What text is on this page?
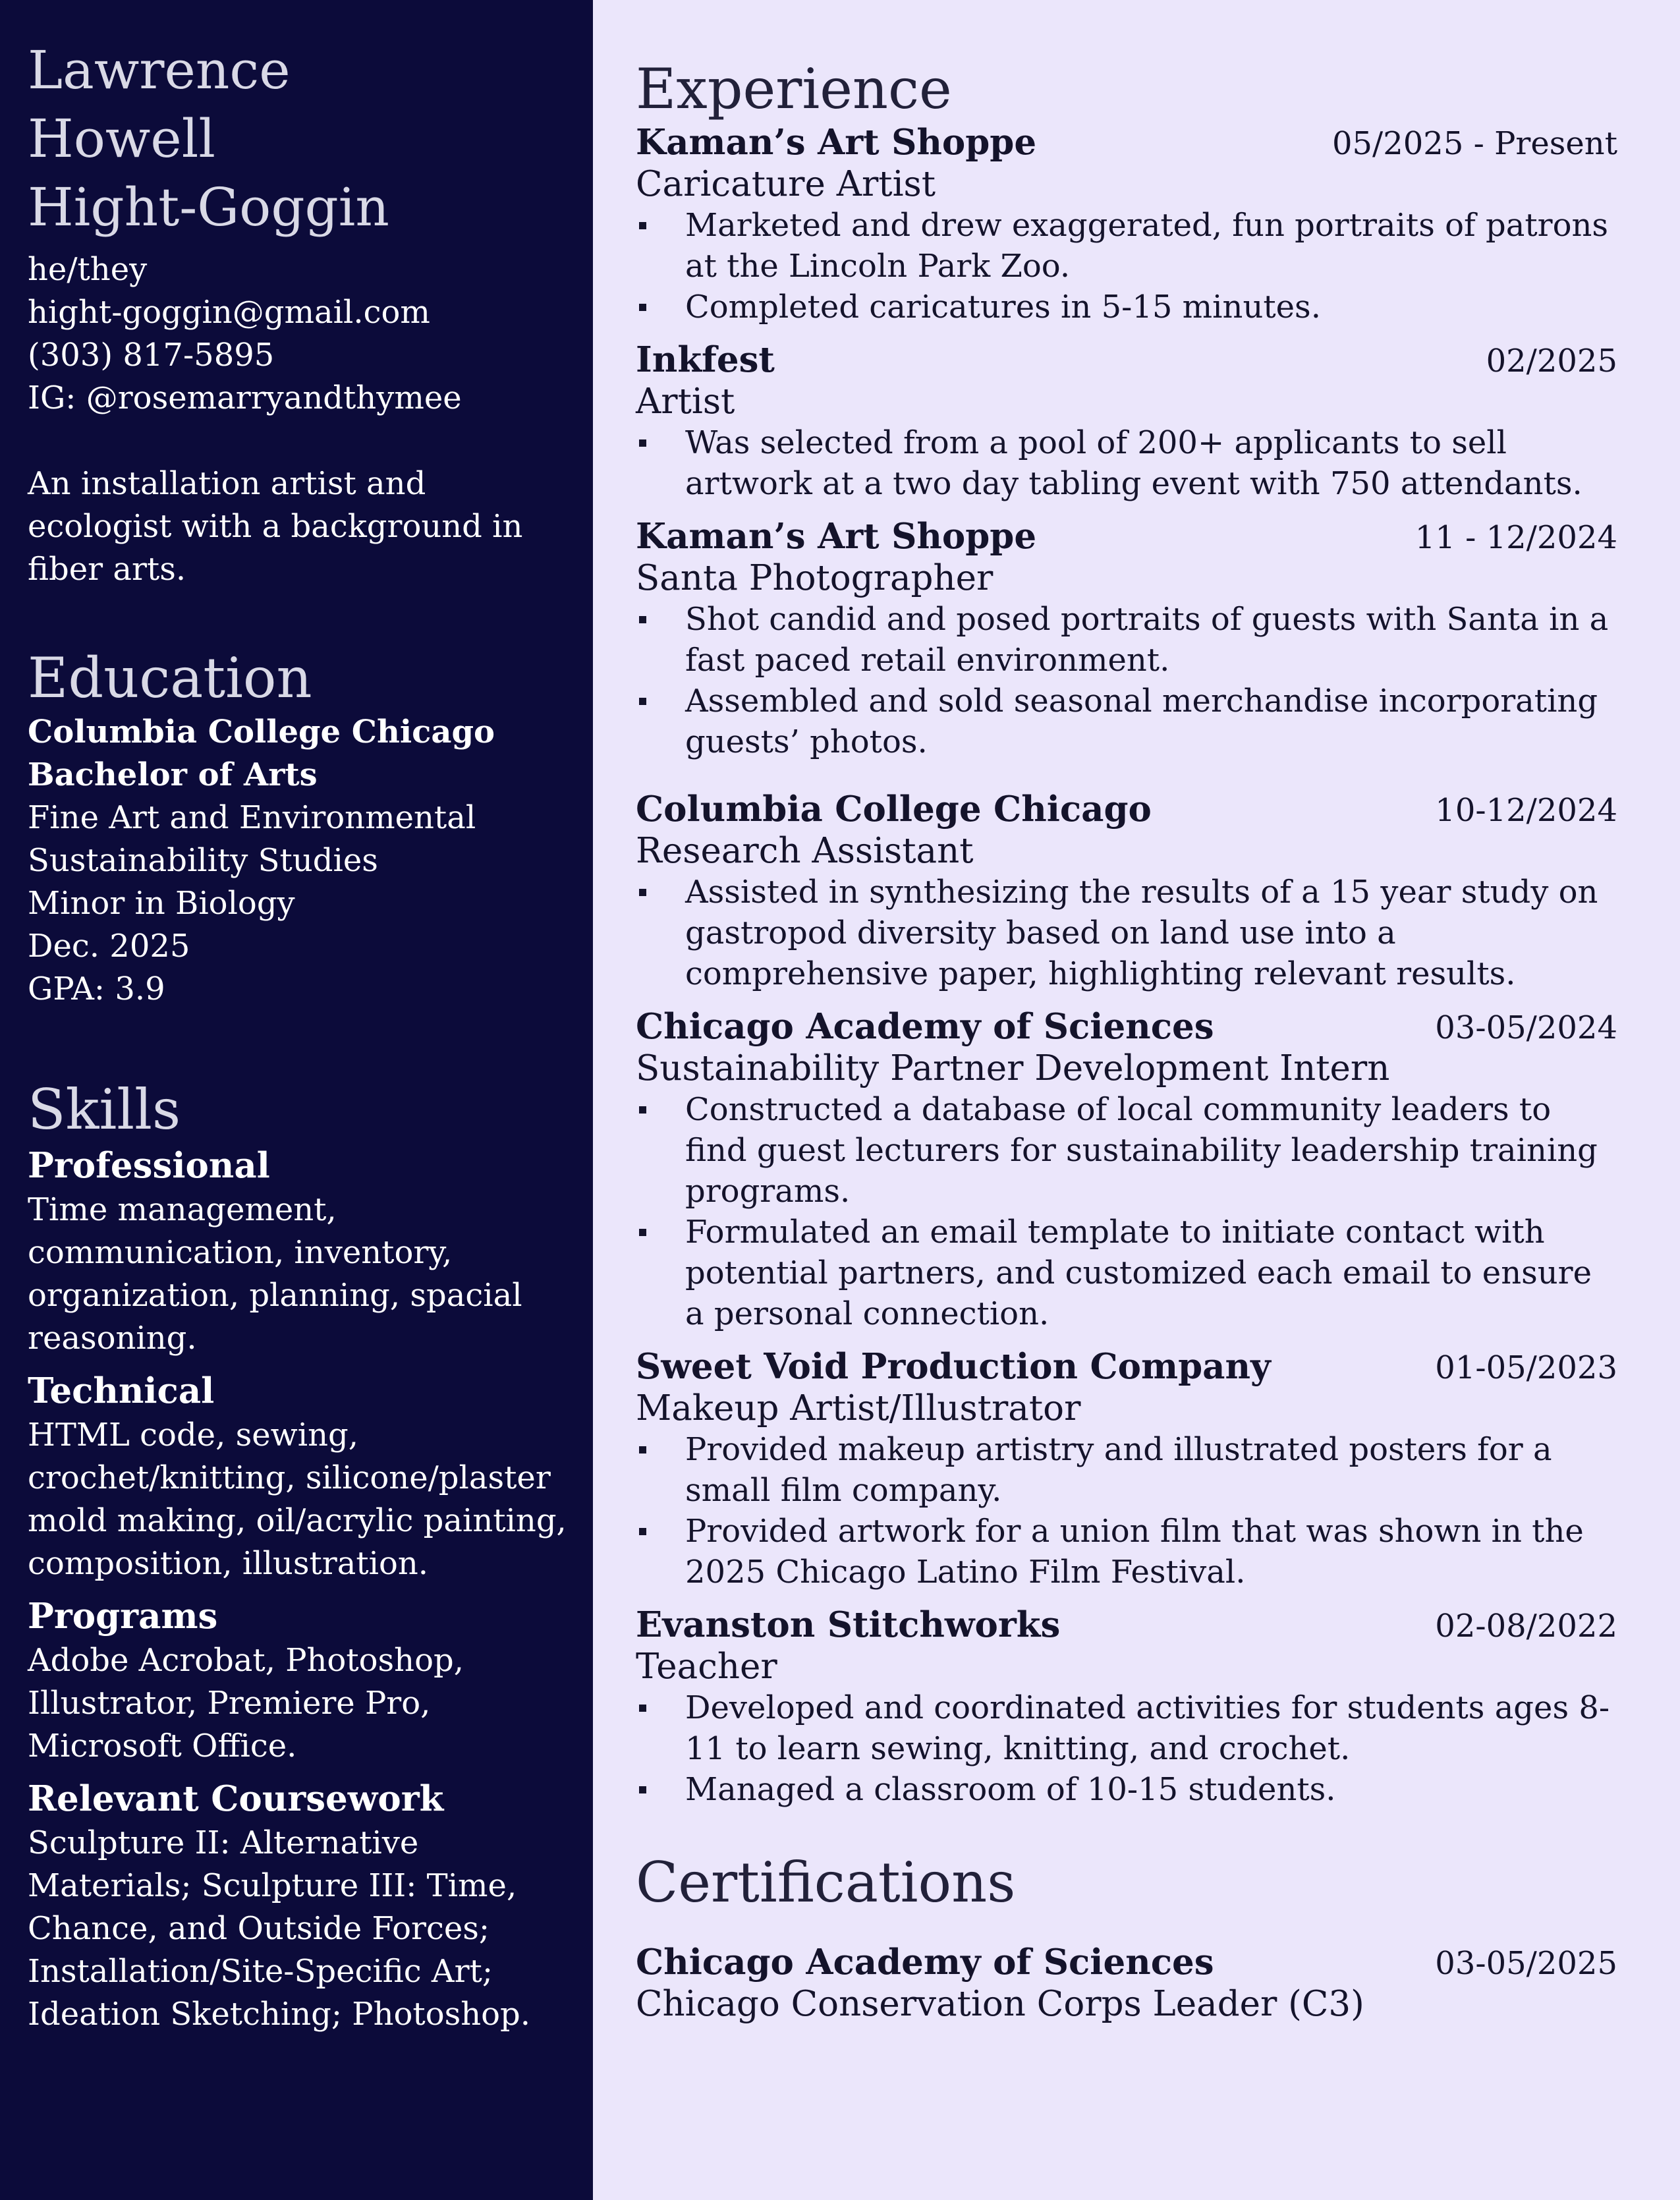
Lawrence
Howell
Hight-Goggin
he/they
hight-goggin@gmail.com
(303) 817-5895
IG: @rosemarryandthymee
An installation artist and ecologist with a background in fiber arts.
Education
Columbia College Chicago
Bachelor of Arts
Fine Art and Environmental
Sustainability Studies
Minor in Biology
Dec. 2025
GPA: 3.9
Skills
Professional
Time management, communication, inventory, organization, planning, spacial reasoning.
Technical
HTML code, sewing, crochet/knitting, silicone/plaster mold making, oil/acrylic painting, composition, illustration.
Programs
Adobe Acrobat, Photoshop, Illustrator, Premiere Pro, Microsoft Office.
Relevant Coursework
Sculpture II: Alternative Materials; Sculpture III: Time, Chance, and Outside Forces; Installation/Site-Specific Art; Ideation Sketching; Photoshop.
Experience
Kaman’s Art Shoppe	05/2025 - Present
Caricature Artist
Marketed and drew exaggerated, fun portraits of patrons at the Lincoln Park Zoo.
Completed caricatures in 5-15 minutes.
Inkfest	02/2025
Artist
Was selected from a pool of 200+ applicants to sell artwork at a two day tabling event with 750 attendants.
Kaman’s Art Shoppe	11 - 12/2024
Santa Photographer
Shot candid and posed portraits of guests with Santa in a fast paced retail environment.
Assembled and sold seasonal merchandise incorporating guests’ photos.
Columbia College Chicago	10-12/2024
Research Assistant
Assisted in synthesizing the results of a 15 year study on gastropod diversity based on land use into a comprehensive paper, highlighting relevant results.
Chicago Academy of Sciences	03-05/2024
Sustainability Partner Development Intern
Constructed a database of local community leaders to find guest lecturers for sustainability leadership training programs.
Formulated an email template to initiate contact with potential partners, and customized each email to ensure a personal connection.
Sweet Void Production Company	01-05/2023
Makeup Artist/Illustrator
Provided makeup artistry and illustrated posters for a small film company.
Provided artwork for a union film that was shown in the 2025 Chicago Latino Film Festival.
Evanston Stitchworks	02-08/2022
Teacher
Developed and coordinated activities for students ages 8-11 to learn sewing, knitting, and crochet.
Managed a classroom of 10-15 students.
Certifications
Chicago Academy of Sciences	03-05/2025
Chicago Conservation Corps Leader (C3)
